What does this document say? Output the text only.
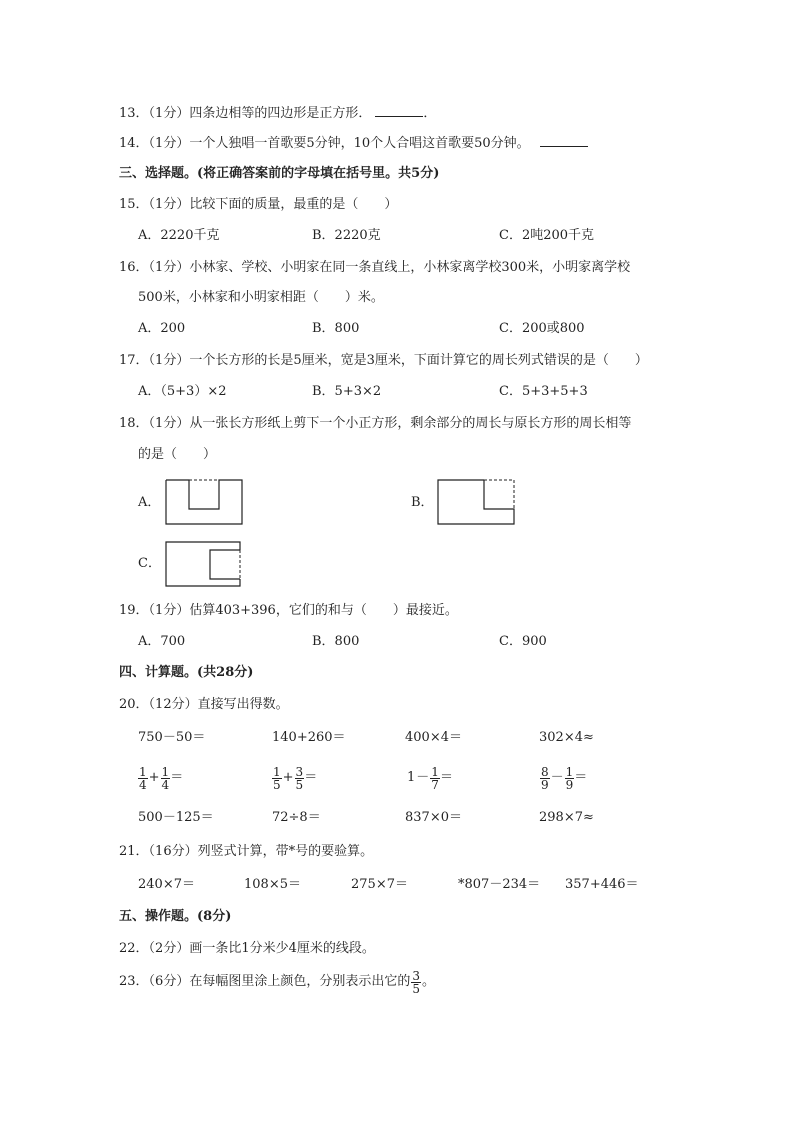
13．（1分）四条边相等的四边形是正方形．	．
14．（1分）一个人独唱一首歌要5分钟，10个人合唱这首歌要50分钟。
三、选择题。(将正确答案前的字母填在括号里。共5分)
15．（1分）比较下面的质量，最重的是（　　）
A．2220千克	B．2220克	C．2吨200千克
16．（1分）小林家、学校、小明家在同一条直线上，小林家离学校300米，小明家离学校
500米，小林家和小明家相距（　　）米。
A．200	B．800	C．200或800
17．（1分）一个长方形的长是5厘米，宽是3厘米，下面计算它的周长列式错误的是（　　）
A．（5+3）×2	B．5+3×2	C．5+3+5+3
18．（1分）从一张长方形纸上剪下一个小正方形，剩余部分的周长与原长方形的周长相等
的是（　　）
A．	B．
C．
19．（1分）估算403+396，它们的和与（　　）最接近。
A．700	B．800	C．900
四、计算题。(共28分)
20．（12分）直接写出得数。
750－50＝	140+260＝	400×4＝	302×4≈
$\frac{1}{4} + \frac{1}{4}$ ＝	$\frac{1}{5} + \frac{3}{5}$ ＝	$1 - \frac{1}{7}$ ＝	$\frac{8}{9} - \frac{1}{9}$ ＝
500－125＝	72÷8＝	837×0＝	298×7≈
21．（16分）列竖式计算，带*号的要验算。
240×7＝	108×5＝	275×7＝	*807－234＝ 357+446＝
五、操作题。(8分)
22．（2分）画一条比1分米少4厘米的线段。
23．（6分）在每幅图里涂上颜色，分别表示出它的 $\frac{3}{5}$ 。
